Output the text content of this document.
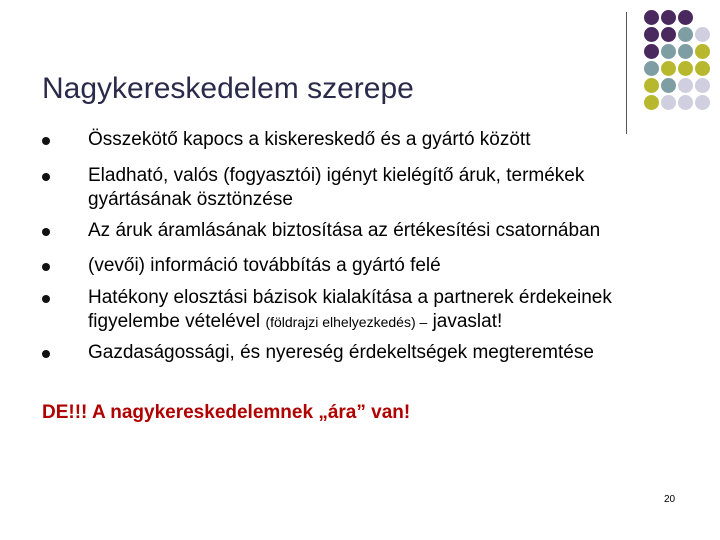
Nagykereskedelem szerepe
Összekötő kapocs a kiskereskedő és a gyártó között
Eladható, valós (fogyasztói) igényt kielégítő áruk, termékek gyártásának ösztönzése
Az áruk áramlásának biztosítása az értékesítési csatornában
(vevői) információ továbbítás a gyártó felé
Hatékony elosztási bázisok kialakítása a partnerek érdekeinek figyelembe vételével (földrajzi elhelyezkedés) – javaslat!
Gazdaságossági, és nyereség érdekeltségek megteremtése
DE!!! A nagykereskedelemnek „ára” van!
20
